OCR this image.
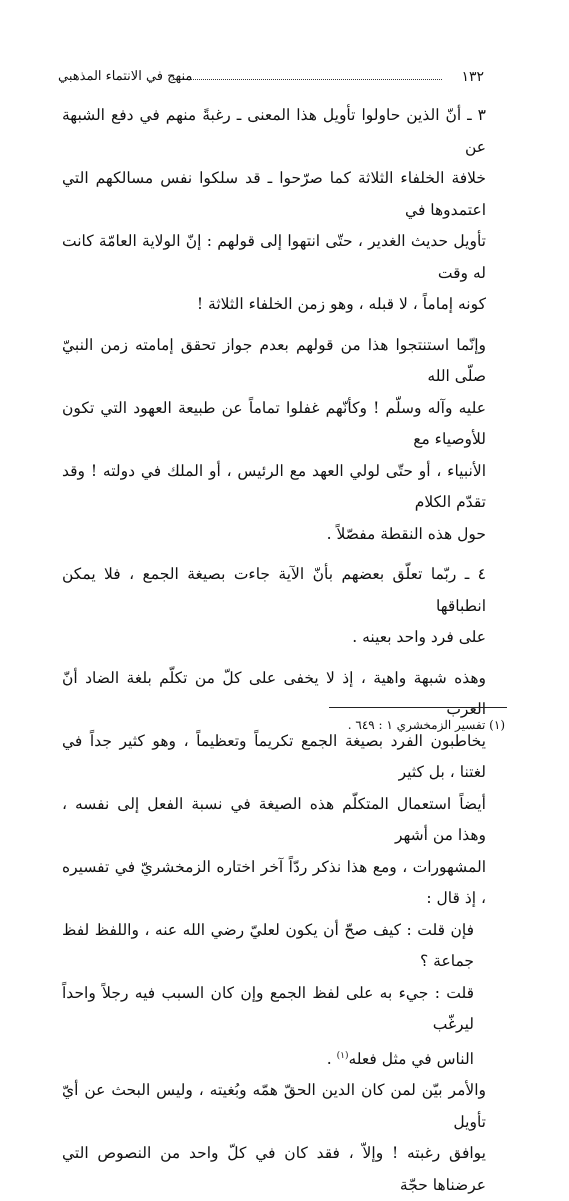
١٣٢
منهج في الانتماء المذهبي

٣ ـ أنّ الذين حاولوا تأويل هذا المعنى ـ رغبةً منهم في دفع الشبهة عن
خلافة الخلفاء الثلاثة كما صرّحوا ـ قد سلكوا نفس مسالكهم التي اعتمدوها في
تأويل حديث الغدير ، حتّى انتهوا إلى قولهم : إنّ الولاية العامّة كانت له وقت
كونه إماماً ، لا قبله ، وهو زمن الخلفاء الثلاثة !

وإنّما استنتجوا هذا من قولهم بعدم جواز تحقق إمامته زمن النبيّ صلّى الله
عليه وآله وسلّم ! وكأنّهم غفلوا تماماً عن طبيعة العهود التي تكون للأوصياء مع
الأنبياء ، أو حتّى لولي العهد مع الرئيس ، أو الملك في دولته ! وقد تقدّم الكلام
حول هذه النقطة مفصّلاً .

٤ ـ ربّما تعلّق بعضهم بأنّ الآية جاءت بصيغة الجمع ، فلا يمكن انطباقها
على فرد واحد بعينه .

وهذه شبهة واهية ، إذ لا يخفى على كلّ من تكلّم بلغة الضاد أنّ العرب
يخاطبون الفرد بصيغة الجمع تكريماً وتعظيماً ، وهو كثير جداً في لغتنا ، بل كثير
أيضاً استعمال المتكلّم هذه الصيغة في نسبة الفعل إلى نفسه ، وهذا من أشهر
المشهورات ، ومع هذا نذكر ردّاً آخر اختاره الزمخشريّ في تفسيره ، إذ قال :

فإن قلت : كيف صحّ أن يكون لعليّ رضي الله عنه ، واللفظ لفظ جماعة ؟

قلت : جيء به على لفظ الجمع وإن كان السبب فيه رجلاً واحداً ليرغّب
الناس في مثل فعله$^{(١)}$ .

والأمر بيّن لمن كان الدين الحقّ همّه وبُغيته ، وليس البحث عن أيّ تأويل
يوافق رغبته ! وإلاّ ، فقد كان في كلّ واحد من النصوص التي عرضناها حجّة

(١) تفسير الزمخشري ١ : ٦٤٩ .
